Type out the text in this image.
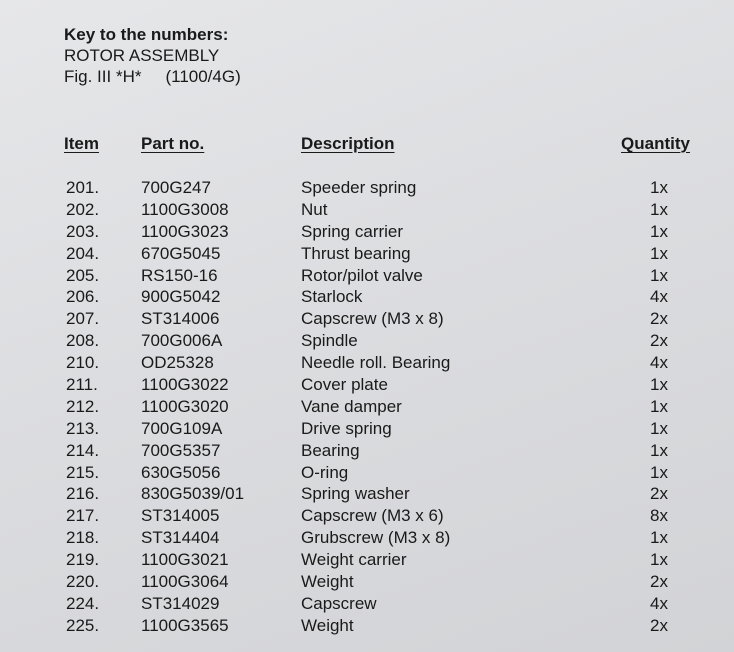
Key to the numbers:
ROTOR ASSEMBLY
Fig. III *H* (1100/4G)
Item Part no.	Description	Quantity
201. 700G247	Speeder spring	1x
202. 1100G3008	Nut	1x
203. 1100G3023	Spring carrier	1x
204. 670G5045	Thrust bearing	1x
205. RS150-16	Rotor/pilot valve	1x
206. 900G5042	Starlock	4x
207. ST314006	Capscrew (M3 x 8)	2x
208. 700G006A	Spindle	2x
210. OD25328	Needle roll. Bearing	4x
211.	1100G3022	Cover plate	1x
212. 1100G3020	Vane damper	1x
213. 700G109A	Drive spring	1x
214. 700G5357	Bearing	1x
215. 630G5056	O-ring	1x
216. 830G5039/01	Spring washer	2x
217. ST314005	Capscrew (M3 x 6)	8x
218. ST314404	Grubscrew (M3 x 8)	1x
219. 1100G3021	Weight carrier	1x
220. 1100G3064	Weight	2x
224. ST314029	Capscrew	4x
225. 1100G3565	Weight	2x
